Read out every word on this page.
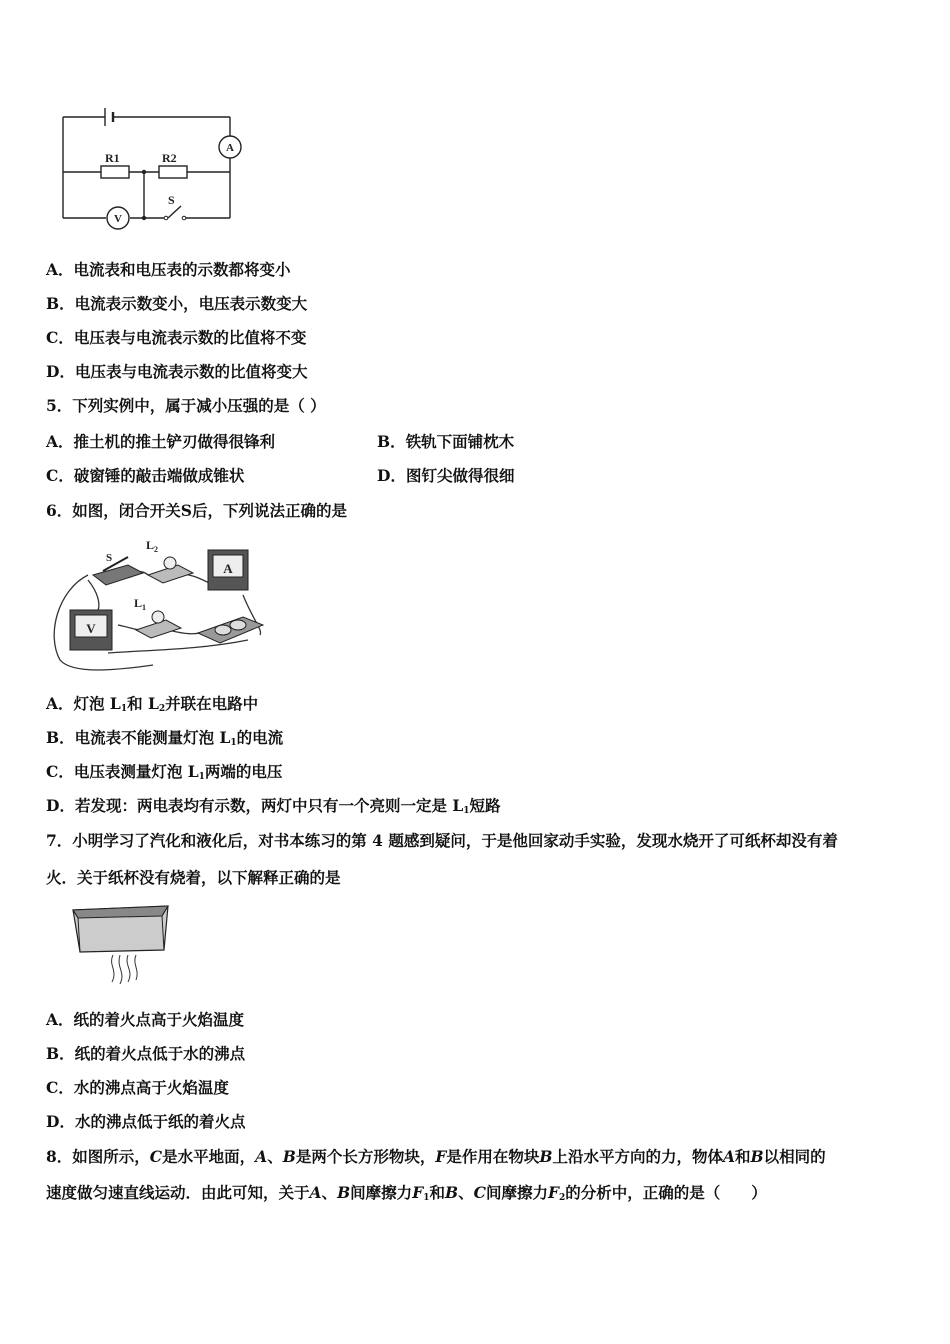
A
V
R1	R2
S
A．电流表和电压表的示数都将变小
B．电流表示数变小，电压表示数变大
C．电压表与电流表示数的比值将不变
D．电压表与电流表示数的比值将变大
5．下列实例中，属于减小压强的是（ ）
A．推土机的推土铲刃做得很锋利	B．铁轨下面铺枕木
C．破窗锤的敲击端做成锥状	D．图钉尖做得很细
6．如图，闭合开关S后，下列说法正确的是
S
$L_2$
$L_1$
A
V
A．灯泡 $L_1$和 $L_2$并联在电路中
B．电流表不能测量灯泡 $L_1$的电流
C．电压表测量灯泡 $L_1$两端的电压
D．若发现：两电表均有示数，两灯中只有一个亮则一定是 $L_1$短路
7．小明学习了汽化和液化后，对书本练习的第 4 题感到疑问，于是他回家动手实验，发现水烧开了可纸杯却没有着
火．关于纸杯没有烧着，以下解释正确的是
A．纸的着火点高于火焰温度
B．纸的着火点低于水的沸点
C．水的沸点高于火焰温度
D．水的沸点低于纸的着火点
8．如图所示，C是水平地面，A、B是两个长方形物块，F是作用在物块B上沿水平方向的力，物体A和B以相同的
速度做匀速直线运动．由此可知，关于A、B间摩擦力$F_1$和B、C间摩擦力$F_2$的分析中，正确的是（　　）
